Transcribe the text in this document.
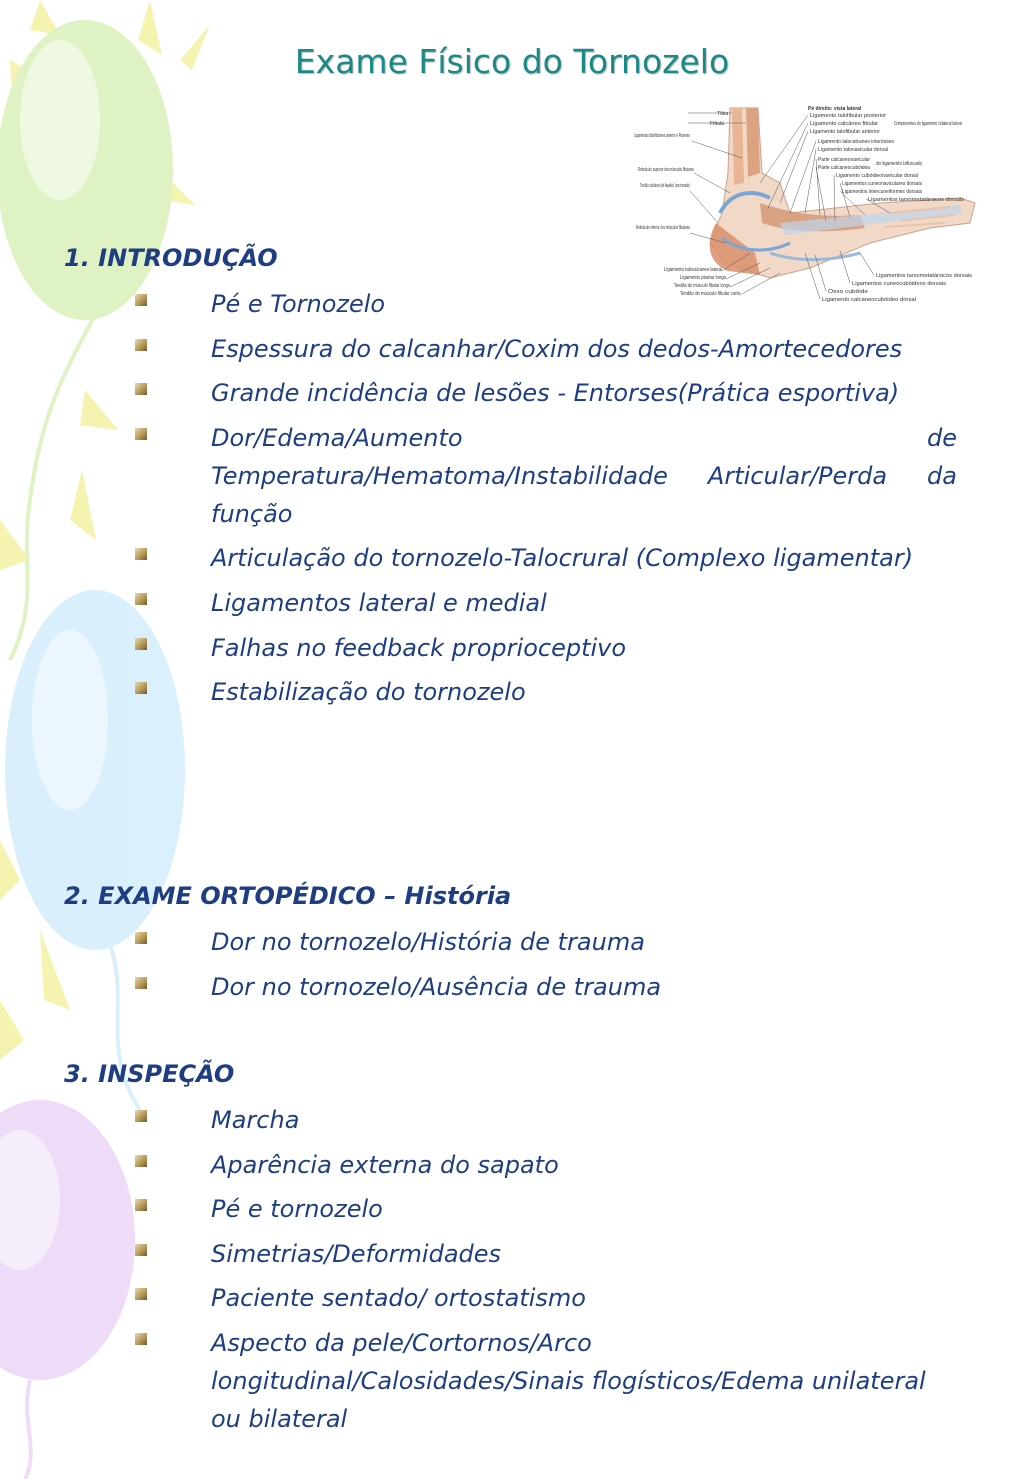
Exame Físico do Tornozelo
Pé direito: vista lateral
Tíbia
Fíbula
Ligamentos tibiofibulares anterior e Posterior
Retináculo superior dos músculos fibulares
Tendão calcâneo (de Aquiles) (seccionado)
Retináculo inferior dos músculos fibulares
Ligamento talocalcaneo lateral
Ligamento plantar longo
Tendão do músculo fibular longo
Tendão do músculo fibular curto
Ligamento talofibular posterior
Ligamento calcâneo fibular
Ligamento talofibular anterior
Componentes do ligamento colateral lateral
Ligamento talocalcaneo interósseo
Ligamento talonavicular dorsal
Parte calcaneonavicular
Parte calcaneocubóidea
do ligamento bifurcado
Ligamento cubóideonavicular dorsal
Ligamentos cuneonaviculares dorsais
Ligamentos intercuneiformes dorsais
Ligamentos tarsometatársicos dorsais
Ligamentos tarsometatársicos dorsais
Ligamentos cuneocubóideos dorsais
Osso cubóide
Ligamento calcaneocubóideo dorsal
1. INTRODUÇÃO
Pé e Tornozelo
Espessura do calcanhar/Coxim dos dedos-Amortecedores
Grande incidência de lesões - Entorses(Prática esportiva)
Dor/Edema/Aumento de Temperatura/Hematoma/Instabilidade Articular/Perda da função
Articulação do tornozelo-Talocrural (Complexo ligamentar)
Ligamentos lateral e medial
Falhas no feedback proprioceptivo
Estabilização do tornozelo
2. EXAME ORTOPÉDICO – História
Dor no tornozelo/História de trauma
Dor no tornozelo/Ausência de trauma
3. INSPEÇÃO
Marcha
Aparência externa do sapato
Pé e tornozelo
Simetrias/Deformidades
Paciente sentado/ ortostatismo
Aspecto da pele/Cortornos/Arco longitudinal/Calosidades/Sinais flogísticos/Edema unilateral ou bilateral
